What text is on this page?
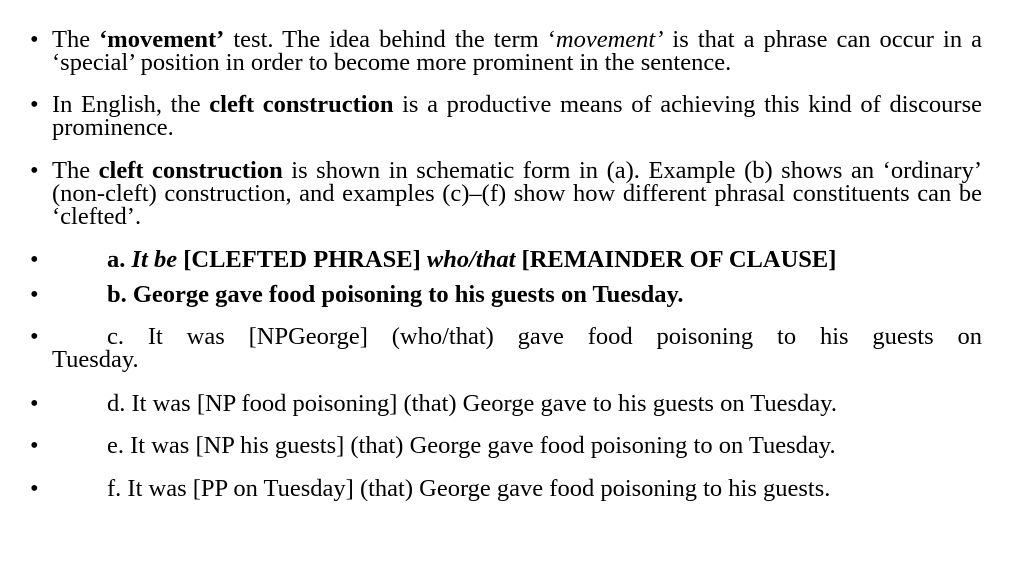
• The ‘movement’ test. The idea behind the term ‘movement’ is that a phrase can occur in a ‘special’ position in order to become more prominent in the sentence.
• In English, the cleft construction is a productive means of achieving this kind of discourse prominence.
• The cleft construction is shown in schematic form in (a). Example (b) shows an ‘ordinary’ (non-cleft) construction, and examples (c)–(f) show how different phrasal constituents can be ‘clefted’.
•	a. It be [CLEFTED PHRASE] who/that [REMAINDER OF CLAUSE]
•	b. George gave food poisoning to his guests on Tuesday.
•	c. It was [NPGeorge] (who/that) gave food poisoning to his guests on
Tuesday.
•	d. It was [NP food poisoning] (that) George gave to his guests on Tuesday.
•	e. It was [NP his guests] (that) George gave food poisoning to on Tuesday.
•	f. It was [PP on Tuesday] (that) George gave food poisoning to his guests.
